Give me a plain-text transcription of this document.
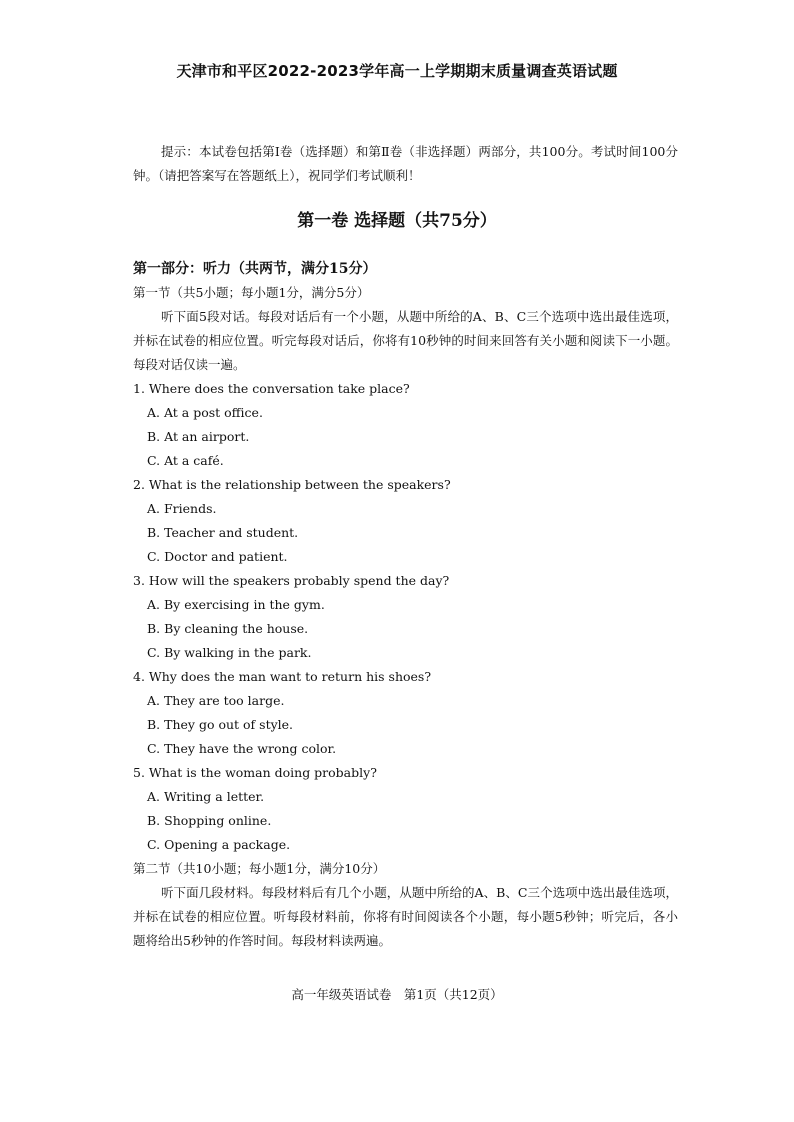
天津市和平区2022-2023学年高一上学期期末质量调查英语试题
提示：本试卷包括第Ⅰ卷（选择题）和第Ⅱ卷（非选择题）两部分，共100分。考试时间100分钟。（请把答案写在答题纸上），祝同学们考试顺利！
第一卷 选择题（共75分）
第一部分：听力（共两节，满分15分）
第一节（共5小题；每小题1分，满分5分）
听下面5段对话。每段对话后有一个小题，从题中所给的A、B、C三个选项中选出最佳选项，并标在试卷的相应位置。听完每段对话后，你将有10秒钟的时间来回答有关小题和阅读下一小题。每段对话仅读一遍。
1. Where does the conversation take place?
A. At a post office.
B. At an airport.
C. At a café.
2. What is the relationship between the speakers?
A. Friends.
B. Teacher and student.
C. Doctor and patient.
3. How will the speakers probably spend the day?
A. By exercising in the gym.
B. By cleaning the house.
C. By walking in the park.
4. Why does the man want to return his shoes?
A. They are too large.
B. They go out of style.
C. They have the wrong color.
5. What is the woman doing probably?
A. Writing a letter.
B. Shopping online.
C. Opening a package.
第二节（共10小题；每小题1分，满分10分）
听下面几段材料。每段材料后有几个小题，从题中所给的A、B、C三个选项中选出最佳选项，并标在试卷的相应位置。听每段材料前，你将有时间阅读各个小题，每小题5秒钟；听完后，各小题将给出5秒钟的作答时间。每段材料读两遍。
高一年级英语试卷　第1页（共12页）
